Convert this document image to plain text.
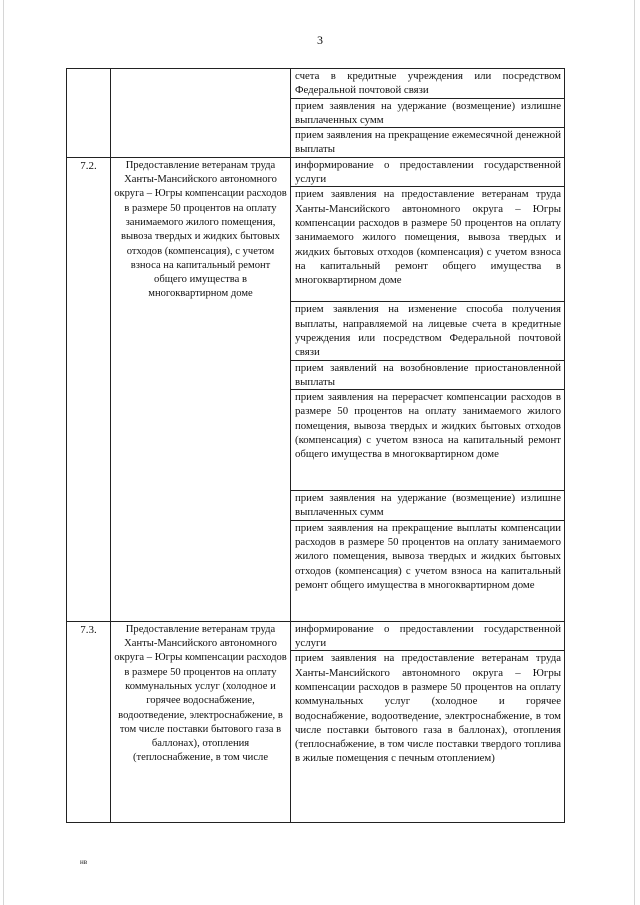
3
		счета в кредитные учреждения или посредством Федеральной почтовой связи
		прием заявления на удержание (возмещение) излишне выплаченных сумм
		прием заявления на прекращение ежемесячной денежной выплаты
7.2.	Предоставление ветеранам труда Ханты-Мансийского автономного округа – Югры компенсации расходов в размере 50 процентов на оплату занимаемого жилого помещения, вывоза твердых и жидких бытовых отходов (компенсация), с учетом взноса на капитальный ремонт общего имущества в многоквартирном доме	информирование о предоставлении государственной услуги
		прием заявления на предоставление ветеранам труда Ханты-Мансийского автономного округа – Югры компенсации расходов в размере 50 процентов на оплату занимаемого жилого помещения, вывоза твердых и жидких бытовых отходов (компенсация) с учетом взноса на капитальный ремонт общего имущества в многоквартирном доме
		прием заявления на изменение способа получения выплаты, направляемой на лицевые счета в кредитные учреждения или посредством Федеральной почтовой связи
		прием заявлений на возобновление приостановленной выплаты
		прием заявления на перерасчет компенсации расходов в размере 50 процентов на оплату занимаемого жилого помещения, вывоза твердых и жидких бытовых отходов (компенсация) с учетом взноса на капитальный ремонт общего имущества в многоквартирном доме
		прием заявления на удержание (возмещение) излишне выплаченных сумм
		прием заявления на прекращение выплаты компенсации расходов в размере 50 процентов на оплату занимаемого жилого помещения, вывоза твердых и жидких бытовых отходов (компенсация) с учетом взноса на капитальный ремонт общего имущества в многоквартирном доме
7.3.	Предоставление ветеранам труда Ханты-Мансийского автономного округа – Югры компенсации расходов в размере 50 процентов на оплату коммунальных услуг (холодное и горячее водоснабжение, водоотведение, электроснабжение, в том числе поставки бытового газа в баллонах), отопления (теплоснабжение, в том числе	информирование о предоставлении государственной услуги
		прием заявления на предоставление ветеранам труда Ханты-Мансийского автономного округа – Югры компенсации расходов в размере 50 процентов на оплату коммунальных услуг (холодное и горячее водоснабжение, водоотведение, электроснабжение, в том числе поставки бытового газа в баллонах), отопления (теплоснабжение, в том числе поставки твердого топлива в жилые помещения с печным отоплением)
нв
